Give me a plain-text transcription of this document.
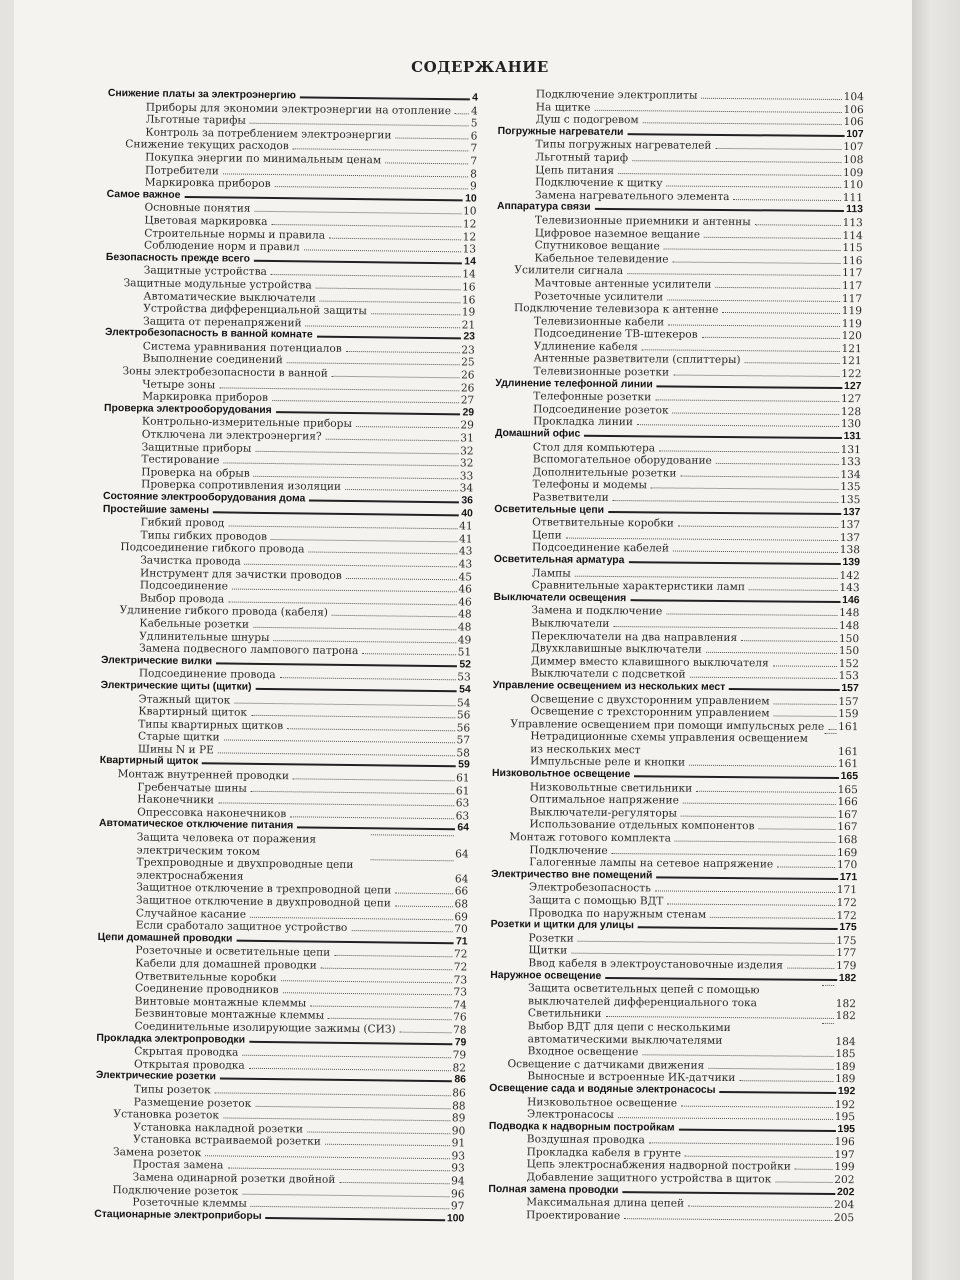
СОДЕРЖАНИЕ
Снижение платы за электроэнергию	4
Приборы для экономии электроэнергии на отопление 4
Льготные тарифы	5
Контроль за потреблением электроэнергии	6
Снижение текущих расходов	7
Покупка энергии по минимальным ценам	7
Потребители	8
Маркировка приборов	9
Самое важное	10
Основные понятия	10
Цветовая маркировка	12
Строительные нормы и правила	12
Соблюдение норм и правил	13
Безопасность прежде всего	14
Защитные устройства	14
Защитные модульные устройства	16
Автоматические выключатели	16
Устройства дифференциальной защиты	19
Защита от перенапряжений	21
Электробезопасность в ванной комнате	23
Система уравнивания потенциалов	23
Выполнение соединений	25
Зоны электробезопасности в ванной	26
Четыре зоны	26
Маркировка приборов	27
Проверка электрооборудования	29
Контрольно-измерительные приборы	29
Отключена ли электроэнергия?	31
Защитные приборы	32
Тестирование	32
Проверка на обрыв	33
Проверка сопротивления изоляции	34
Состояние электрооборудования дома	36
Простейшие замены	40
Гибкий провод	41
Типы гибких проводов	41
Подсоединение гибкого провода	43
Зачистка провода	43
Инструмент для зачистки проводов	45
Подсоединение	46
Выбор провода	46
Удлинение гибкого провода (кабеля)	48
Кабельные розетки	48
Удлинительные шнуры	49
Замена подвесного лампового патрона	51
Электрические вилки	52
Подсоединение провода	53
Электрические щиты (щитки)	54
Этажный щиток	54
Квартирный щиток	56
Типы квартирных щитков	56
Старые щитки	57
Шины N и PE	58
Квартирный щиток	59
Монтаж внутренней проводки	61
Гребенчатые шины	61
Наконечники	63
Опрессовка наконечников	63
Автоматическое отключение питания	64
Защита человека от поражения электрическим током	64
Трехпроводные и двухпроводные цепи электроснабжения	64
Защитное отключение в трехпроводной цепи	66
Защитное отключение в двухпроводной цепи	68
Случайное касание	69
Если сработало защитное устройство	70
Цепи домашней проводки	71
Розеточные и осветительные цепи	72
Кабели для домашней проводки	72
Ответвительные коробки	73
Соединение проводников	73
Винтовые монтажные клеммы	74
Безвинтовые монтажные клеммы	76
Соединительные изолирующие зажимы (СИЗ)	78
Прокладка электропроводки	79
Скрытая проводка	79
Открытая проводка	82
Электрические розетки	86
Типы розеток	86
Размещение розеток	88
Установка розеток	89
Установка накладной розетки	90
Установка встраиваемой розетки	91
Замена розеток	93
Простая замена	93
Замена одинарной розетки двойной	94
Подключение розеток	96
Розеточные клеммы	97
Стационарные электроприборы	100
Подключение электроплиты	104
На щитке	106
Душ с подогревом	106
Погружные нагреватели	107
Типы погружных нагревателей	107
Льготный тариф	108
Цепь питания	109
Подключение к щитку	110
Замена нагревательного элемента	111
Аппаратура связи	113
Телевизионные приемники и антенны	113
Цифровое наземное вещание	114
Спутниковое вещание	115
Кабельное телевидение	116
Усилители сигнала	117
Мачтовые антенные усилители	117
Розеточные усилители	117
Подключение телевизора к антенне	119
Телевизионные кабели	119
Подсоединение ТВ-штекеров	120
Удлинение кабеля	121
Антенные разветвители (сплиттеры)	121
Телевизионные розетки	122
Удлинение телефонной линии	127
Телефонные розетки	127
Подсоединение розеток	128
Прокладка линии	130
Домашний офис	131
Стол для компьютера	131
Вспомогательное оборудование	133
Дополнительные розетки	134
Телефоны и модемы	135
Разветвители	135
Осветительные цепи	137
Ответвительные коробки	137
Цепи	137
Подсоединение кабелей	138
Осветительная арматура	139
Лампы	142
Сравнительные характеристики ламп	143
Выключатели освещения	146
Замена и подключение	148
Выключатели	148
Переключатели на два направления	150
Двухклавишные выключатели	150
Диммер вместо клавишного выключателя	152
Выключатели с подсветкой	153
Управление освещением из нескольких мест	157
Освещение с двухсторонним управлением	157
Освещение с трехсторонним управлением	159
Управление освещением при помощи импульсных реле 161
Нетрадиционные схемы управления освещением из нескольких мест	161
Импульсные реле и кнопки	161
Низковольтное освещение	165
Низковольтные светильники	165
Оптимальное напряжение	166
Выключатели-регуляторы	167
Использование отдельных компонентов	167
Монтаж готового комплекта	168
Подключение	169
Галогенные лампы на сетевое напряжение	170
Электричество вне помещений	171
Электробезопасность	171
Защита с помощью ВДТ	172
Проводка по наружным стенам	172
Розетки и щитки для улицы	175
Розетки	175
Щитки	177
Ввод кабеля в электроустановочные изделия	179
Наружное освещение	182
Защита осветительных цепей с помощью выключателей дифференциального тока	182
Светильники	182
Выбор ВДТ для цепи с несколькими автоматическими выключателями	184
Входное освещение	185
Освещение с датчиками движения	189
Выносные и встроенные ИК-датчики	189
Освещение сада и водяные электронасосы	192
Низковольтное освещение	192
Электронасосы	195
Подводка к надворным постройкам	195
Воздушная проводка	196
Прокладка кабеля в грунте	197
Цепь электроснабжения надворной постройки	199
Добавление защитного устройства в щиток	202
Полная замена проводки	202
Максимальная длина цепей	204
Проектирование	205
